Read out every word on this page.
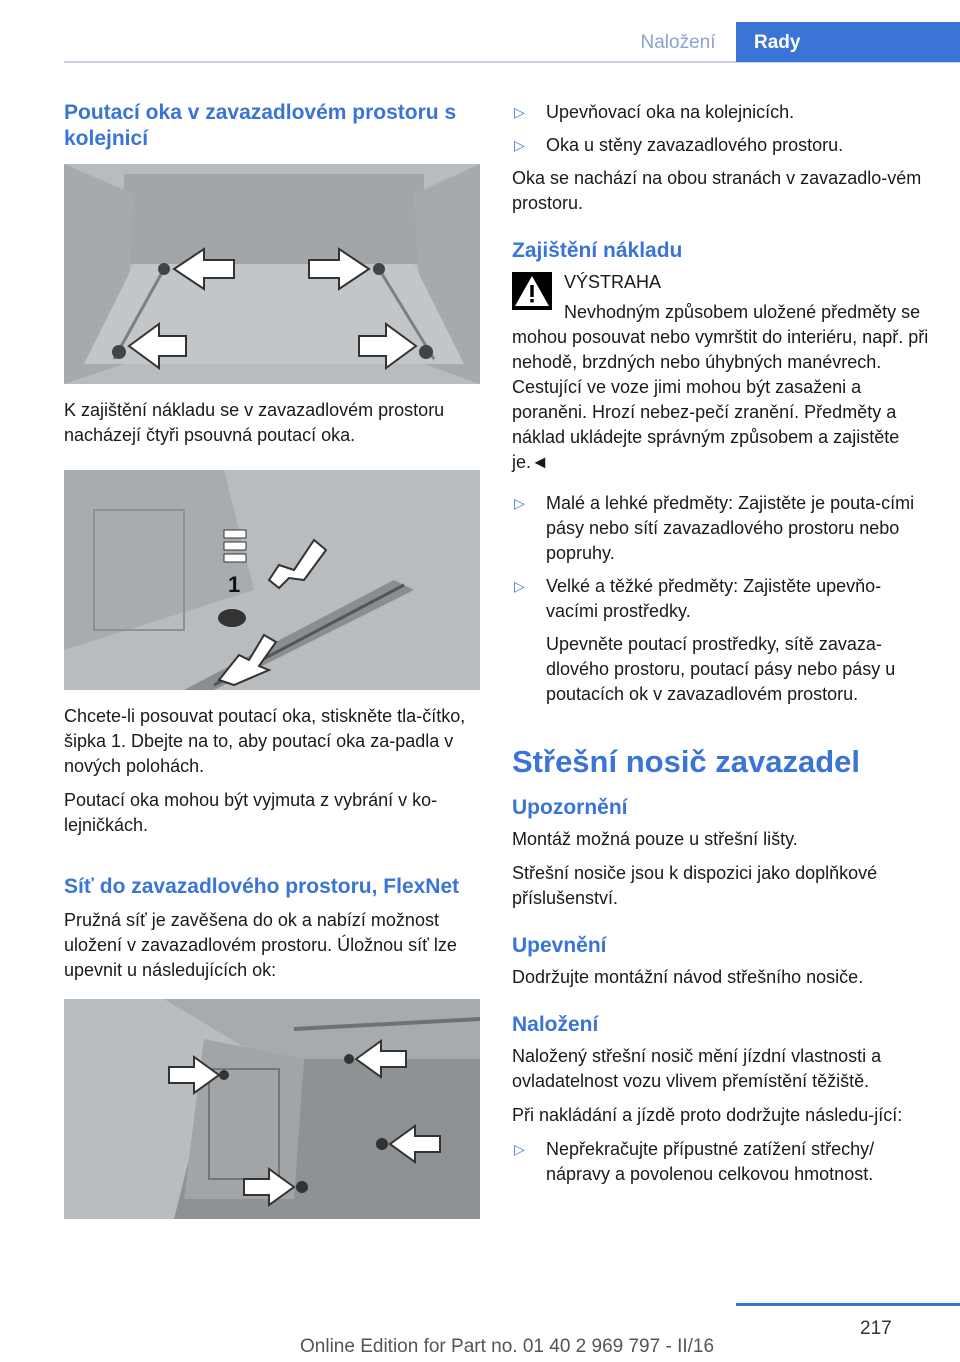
Naložení	Rady
Poutací oka v zavazadlovém prostoru s kolejnicí

K zajištění nákladu se v zavazadlovém prostoru nacházejí čtyři psouvná poutací oka.

1

Chcete-li posouvat poutací oka, stiskněte tla-čítko, šipka 1. Dbejte na to, aby poutací oka za-padla v nových polohách.

Poutací oka mohou být vyjmuta z vybrání v ko-lejničkách.

Síť do zavazadlového prostoru, FlexNet

Pružná síť je zavěšena do ok a nabízí možnost uložení v zavazadlovém prostoru. Úložnou síť lze upevnit u následujících ok:

▷ Upevňovací oka na kolejnicích.
▷ Oka u stěny zavazadlového prostoru.

Oka se nachází na obou stranách v zavazadlo-vém prostoru.

Zajištění nákladu

VÝSTRAHA

Nevhodným způsobem uložené předměty se mohou posouvat nebo vymrštit do interiéru, např. při nehodě, brzdných nebo úhybných manévrech. Cestující ve voze jimi mohou být zasaženi a poraněni. Hrozí nebez-pečí zranění. Předměty a náklad ukládejte správným způsobem a zajistěte je.◄

▷ Malé a lehké předměty: Zajistěte je pouta-cími pásy nebo sítí zavazadlového prostoru nebo popruhy.
▷ Velké a těžké předměty: Zajistěte upevňo-vacími prostředky.
Upevněte poutací prostředky, sítě zavaza-dlového prostoru, poutací pásy nebo pásy u poutacích ok v zavazadlovém prostoru.
Střešní nosič zavazadel
Upozornění

Montáž možná pouze u střešní lišty.

Střešní nosiče jsou k dispozici jako doplňkové příslušenství.

Upevnění

Dodržujte montážní návod střešního nosiče.

Naložení

Naložený střešní nosič mění jízdní vlastnosti a ovladatelnost vozu vlivem přemístění těžiště.

Při nakládání a jízdě proto dodržujte následu-jící:

▷ Nepřekračujte přípustné zatížení střechy/ nápravy a povolenou celkovou hmotnost.
217
Online Edition for Part no. 01 40 2 969 797 - II/16
